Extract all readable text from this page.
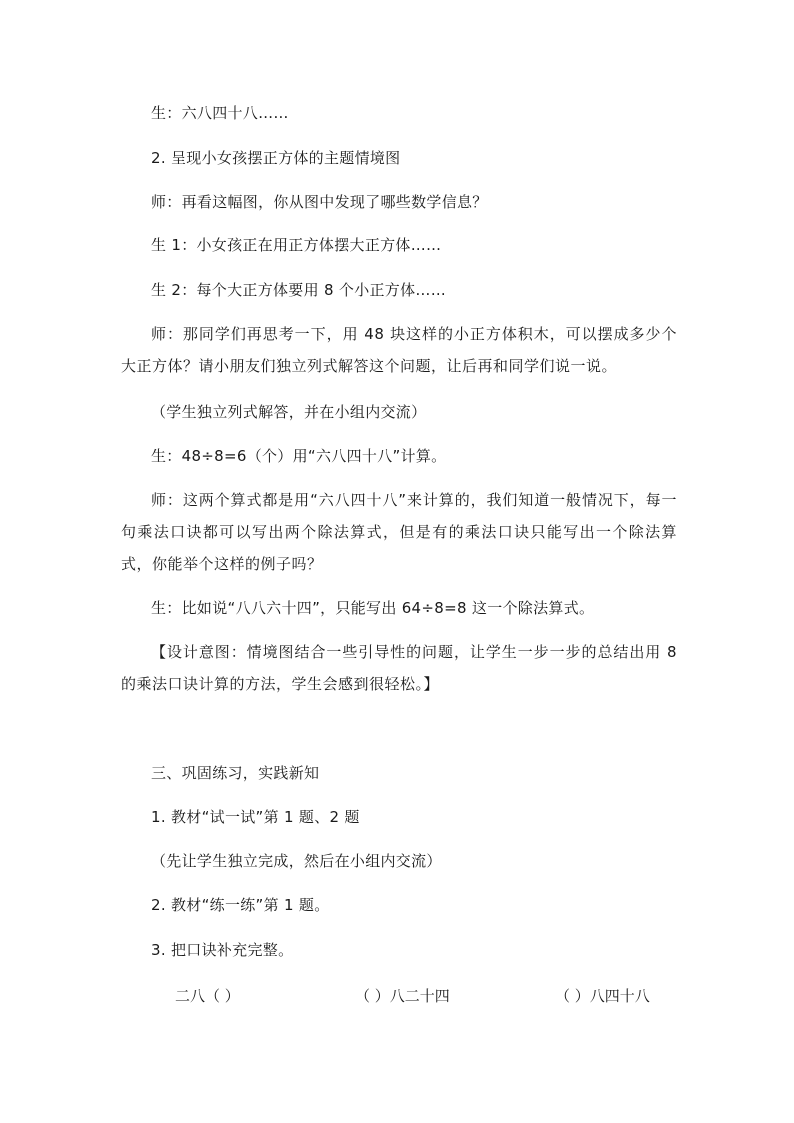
生：六八四十八……
2. 呈现小女孩摆正方体的主题情境图
师：再看这幅图，你从图中发现了哪些数学信息？
生 1：小女孩正在用正方体摆大正方体……
生 2：每个大正方体要用 8 个小正方体……
师：那同学们再思考一下，用 48 块这样的小正方体积木，可以摆成多少个大正方体？请小朋友们独立列式解答这个问题，让后再和同学们说一说。
（学生独立列式解答，并在小组内交流）
生：48÷8=6（个）用“六八四十八”计算。
师：这两个算式都是用“六八四十八”来计算的，我们知道一般情况下，每一句乘法口诀都可以写出两个除法算式，但是有的乘法口诀只能写出一个除法算式，你能举个这样的例子吗？
生：比如说“八八六十四”，只能写出 64÷8=8 这一个除法算式。
【设计意图：情境图结合一些引导性的问题，让学生一步一步的总结出用 8 的乘法口诀计算的方法，学生会感到很轻松。】
三、巩固练习，实践新知
1. 教材“试一试”第 1 题、2 题
（先让学生独立完成，然后在小组内交流）
2. 教材“练一练”第 1 题。
3. 把口诀补充完整。
二八（ ）	（ ）八二十四	（ ）八四十八
